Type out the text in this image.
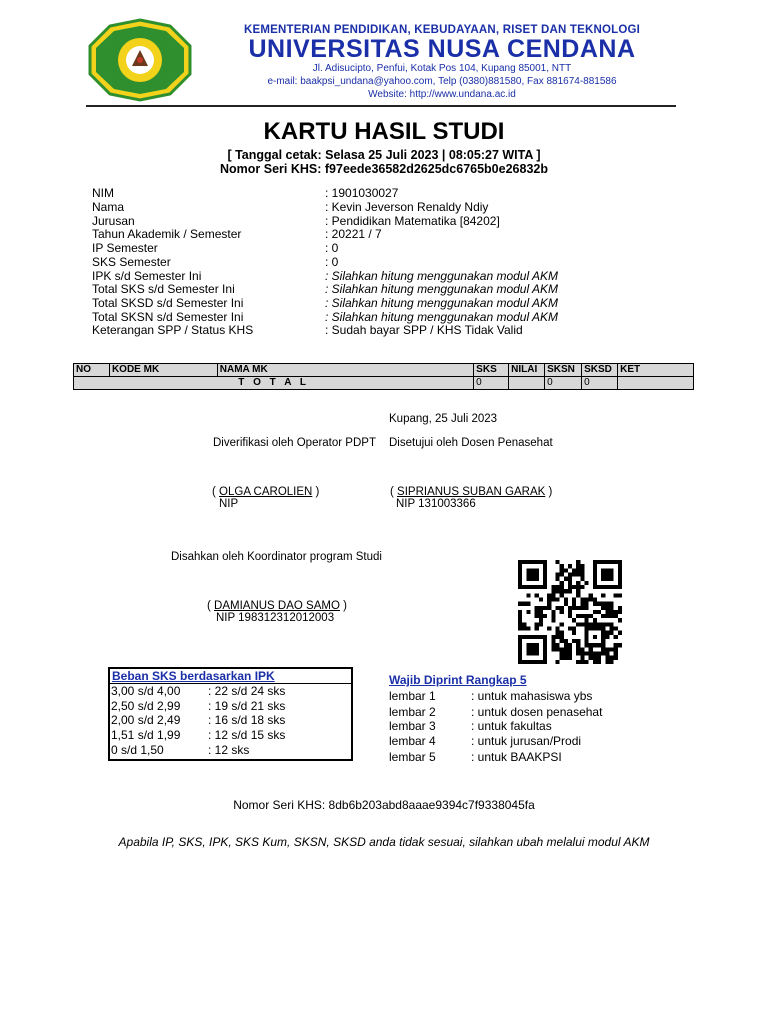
KEMENTERIAN PENDIDIKAN, KEBUDAYAAN, RISET DAN TEKNOLOGI
UNIVERSITAS NUSA CENDANA
Jl. Adisucipto, Penfui, Kotak Pos 104, Kupang 85001, NTT
e-mail: baakpsi_undana@yahoo.com, Telp (0380)881580, Fax 881674-881586
Website: http://www.undana.ac.id
KARTU HASIL STUDI
[ Tanggal cetak: Selasa 25 Juli 2023 | 08:05:27 WITA ]
Nomor Seri KHS: f97eede36582d2625dc6765b0e26832b
NIM	: 1901030027
Nama	: Kevin Jeverson Renaldy Ndiy
Jurusan	: Pendidikan Matematika [84202]
Tahun Akademik / Semester	: 20221 / 7
IP Semester	: 0
SKS Semester	: 0
IPK s/d Semester Ini	: Silahkan hitung menggunakan modul AKM
Total SKS s/d Semester Ini	: Silahkan hitung menggunakan modul AKM
Total SKSD s/d Semester Ini	: Silahkan hitung menggunakan modul AKM
Total SKSN s/d Semester Ini	: Silahkan hitung menggunakan modul AKM
Keterangan SPP / Status KHS	: Sudah bayar SPP / KHS Tidak Valid
NO	KODE MK	NAMA MK	SKS	NILAI	SKSN	SKSD	KET
T O T A L			0		0	0	
Kupang, 25 Juli 2023
Diverifikasi oleh Operator PDPT Disetujui oleh Dosen Penasehat
( OLGA CAROLIEN )
NIP
( SIPRIANUS SUBAN GARAK )
NIP 131003366
Disahkan oleh Koordinator program Studi
( DAMIANUS DAO SAMO )
NIP 198312312012003
Beban SKS berdasarkan IPK
3,00 s/d 4,00 : 22 s/d 24 sks
2,50 s/d 2,99 : 19 s/d 21 sks
2,00 s/d 2,49 : 16 s/d 18 sks
1,51 s/d 1,99 : 12 s/d 15 sks
0 s/d 1,50	: 12 sks
Wajib Diprint Rangkap 5
lembar 1	: untuk mahasiswa ybs
lembar 2	: untuk dosen penasehat
lembar 3	: untuk fakultas
lembar 4	: untuk jurusan/Prodi
lembar 5	: untuk BAAKPSI
Nomor Seri KHS: 8db6b203abd8aaae9394c7f9338045fa
Apabila IP, SKS, IPK, SKS Kum, SKSN, SKSD anda tidak sesuai, silahkan ubah melalui modul AKM
